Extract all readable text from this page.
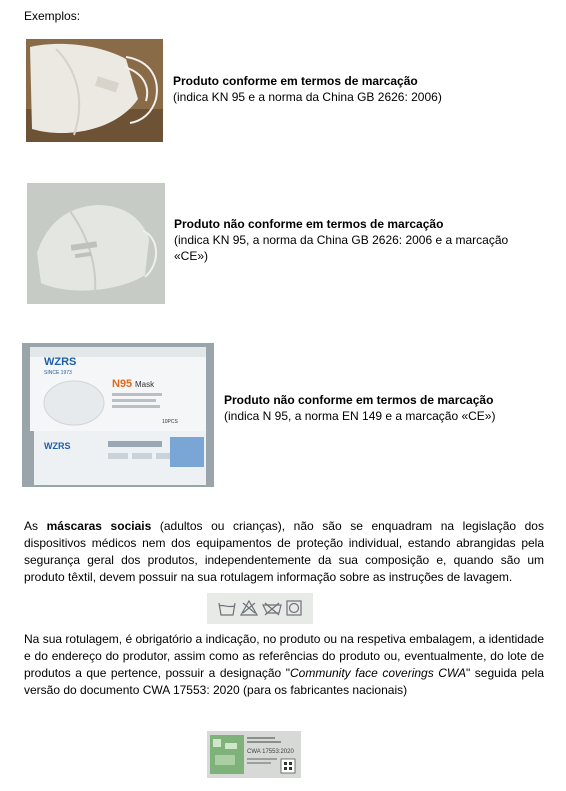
Exemplos:
Produto conforme em termos de marcação
(indica KN 95 e a norma da China GB 2626: 2006)
Produto não conforme em termos de marcação
(indica KN 95, a norma da China GB 2626: 2006 e a marcação «CE»)
WZRS
SINCE 1973
N95 Mask
10PCS
WZRS
Produto não conforme em termos de marcação
(indica N 95, a norma EN 149 e a marcação «CE»)
As máscaras sociais (adultos ou crianças), não são se enquadram na legislação dos dispositivos médicos nem dos equipamentos de proteção individual, estando abrangidas pela segurança geral dos produtos, independentemente da sua composição e, quando são um produto têxtil, devem possuir na sua rotulagem informação sobre as instruções de lavagem.
Na sua rotulagem, é obrigatório a indicação, no produto ou na respetiva embalagem, a identidade e do endereço do produtor, assim como as referências do produto ou, eventualmente, do lote de produtos a que pertence, possuir a designação "Community face coverings CWA" seguida pela versão do documento CWA 17553: 2020 (para os fabricantes nacionais)
CWA 17553:2020
